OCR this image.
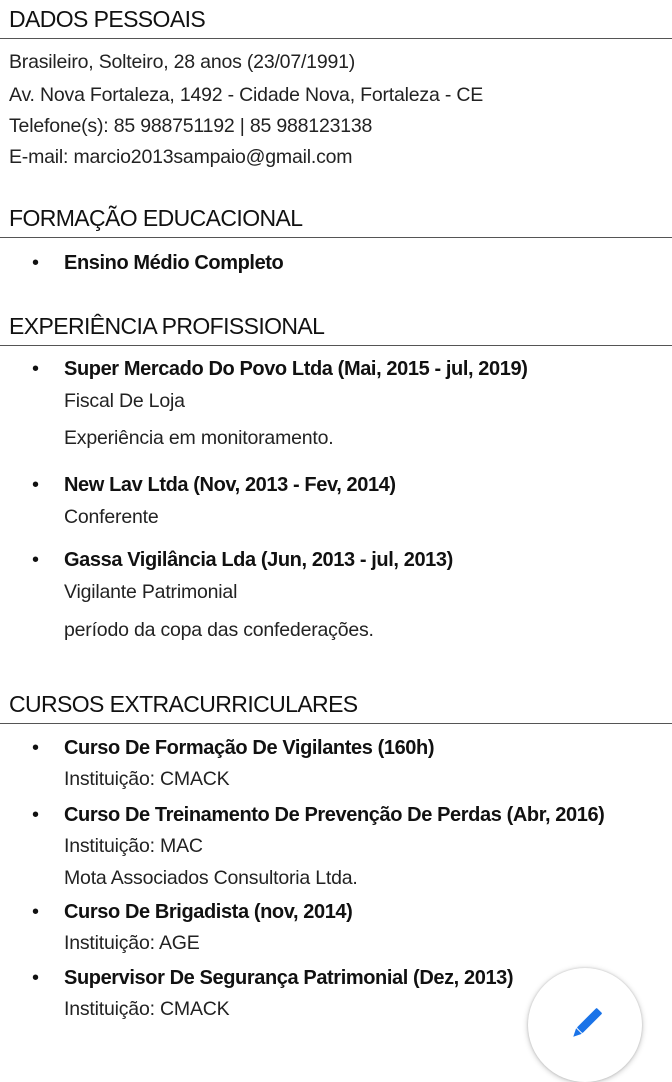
DADOS PESSOAIS
Brasileiro, Solteiro, 28 anos (23/07/1991)
Av. Nova Fortaleza, 1492 - Cidade Nova, Fortaleza - CE
Telefone(s): 85 988751192 | 85 988123138
E-mail: marcio2013sampaio@gmail.com
FORMAÇÃO EDUCACIONAL
• Ensino Médio Completo
EXPERIÊNCIA PROFISSIONAL
• Super Mercado Do Povo Ltda (Mai, 2015 - jul, 2019)
Fiscal De Loja
Experiência em monitoramento.
• New Lav Ltda (Nov, 2013 - Fev, 2014)
Conferente
• Gassa Vigilância Lda (Jun, 2013 - jul, 2013)
Vigilante Patrimonial
período da copa das confederações.
CURSOS EXTRACURRICULARES
• Curso De Formação De Vigilantes (160h)
Instituição: CMACK
• Curso De Treinamento De Prevenção De Perdas (Abr, 2016)
Instituição: MAC
Mota Associados Consultoria Ltda.
• Curso De Brigadista (nov, 2014)
Instituição: AGE
• Supervisor De Segurança Patrimonial (Dez, 2013)
Instituição: CMACK
